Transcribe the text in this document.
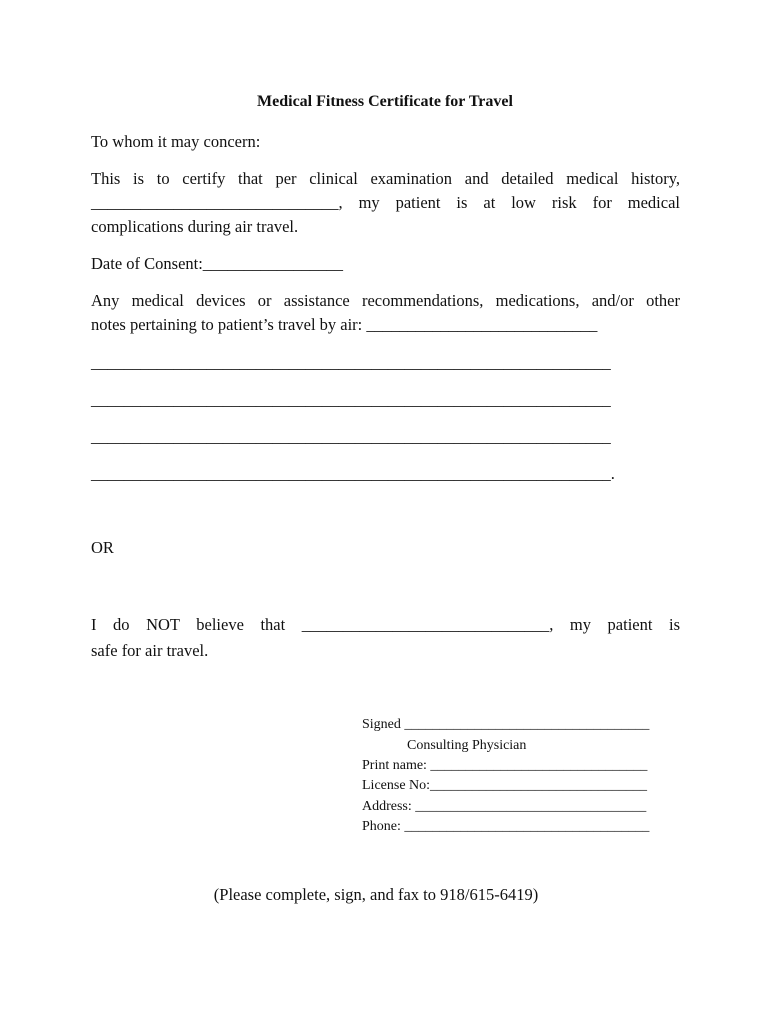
Medical Fitness Certificate for Travel
To whom it may concern:
This is to certify that per clinical examination and detailed medical history,
______________________________, my patient is at low risk for medical
complications during air travel.
Date of Consent:_________________
Any medical devices or assistance recommendations, medications, and/or other
notes pertaining to patient’s travel by air: ____________________________
_______________________________________________________________
_______________________________________________________________
_______________________________________________________________
_______________________________________________________________.
OR
I do NOT believe that ______________________________, my patient is
safe for air travel.
Signed ___________________________________
Consulting Physician
Print name: _______________________________
License No:_______________________________
Address: _________________________________
Phone: ___________________________________
(Please complete, sign, and fax to 918/615-6419)
